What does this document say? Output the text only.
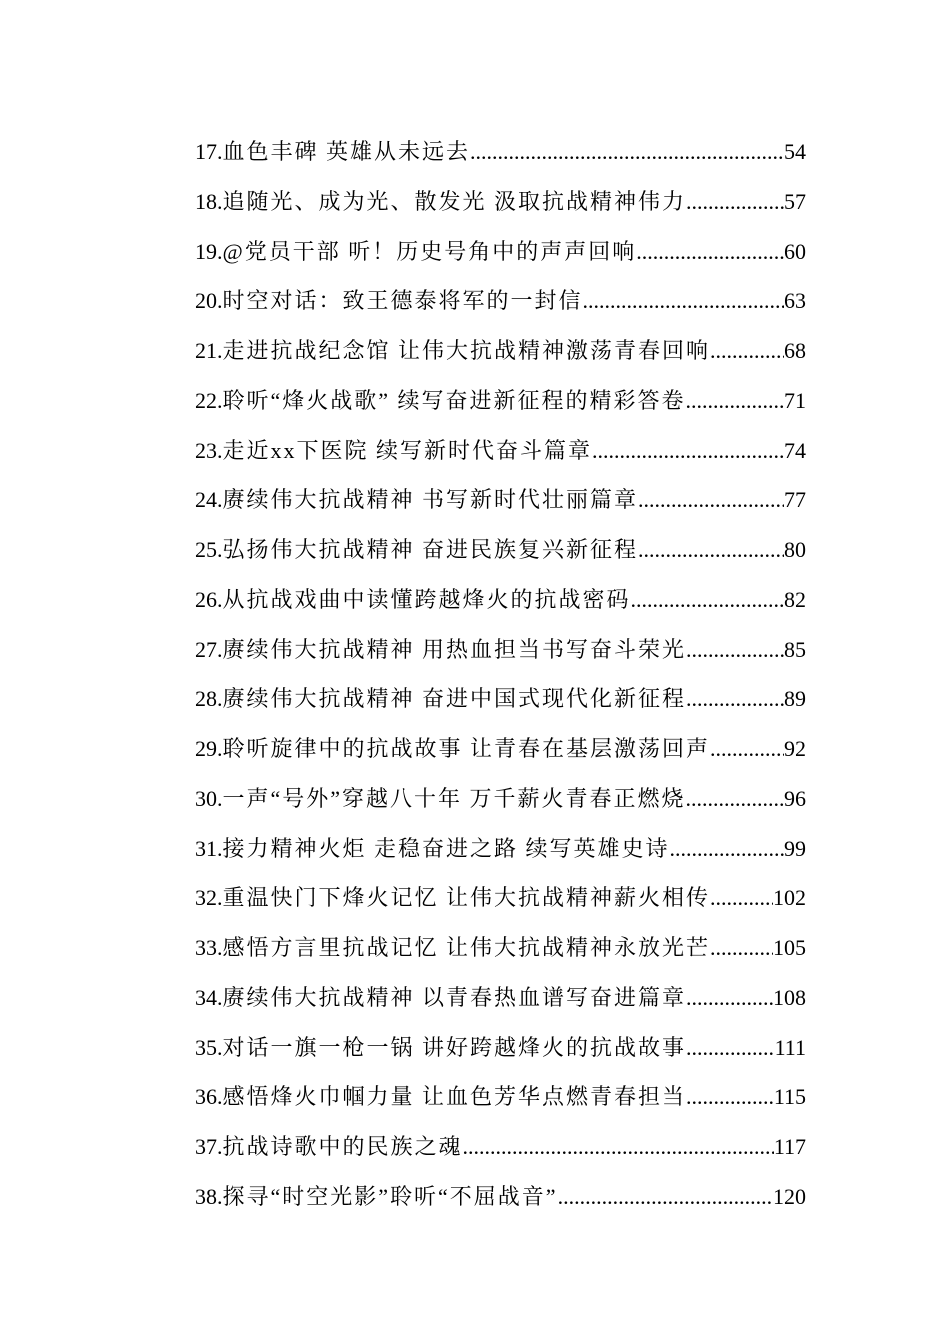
17. 血色丰碑 英雄从未远去 .....	54
18. 追随光、成为光、散发光 汲取抗战精神伟力 .....	57
19. @党员干部 听！历史号角中的声声回响 .....	60
20. 时空对话：致王德泰将军的一封信 .....	63
21. 走进抗战纪念馆 让伟大抗战精神激荡青春回响 .....	68
22. 聆听“烽火战歌” 续写奋进新征程的精彩答卷 .....	71
23. 走近xx下医院 续写新时代奋斗篇章 .....	74
24. 赓续伟大抗战精神 书写新时代壮丽篇章 .....	77
25. 弘扬伟大抗战精神 奋进民族复兴新征程 .....	80
26. 从抗战戏曲中读懂跨越烽火的抗战密码 .....	82
27. 赓续伟大抗战精神 用热血担当书写奋斗荣光 .....	85
28. 赓续伟大抗战精神 奋进中国式现代化新征程 .....	89
29. 聆听旋律中的抗战故事 让青春在基层激荡回声 .....	92
30. 一声“号外”穿越八十年 万千薪火青春正燃烧 .....	96
31. 接力精神火炬 走稳奋进之路 续写英雄史诗 .....	99
32. 重温快门下烽火记忆 让伟大抗战精神薪火相传 .....	102
33. 感悟方言里抗战记忆 让伟大抗战精神永放光芒 .....	105
34. 赓续伟大抗战精神 以青春热血谱写奋进篇章 .....	108
35. 对话一旗一枪一锅 讲好跨越烽火的抗战故事 .....	111
36. 感悟烽火巾帼力量 让血色芳华点燃青春担当 .....	115
37. 抗战诗歌中的民族之魂 .....	117
38. 探寻“时空光影”聆听“不屈战音” .....	120
